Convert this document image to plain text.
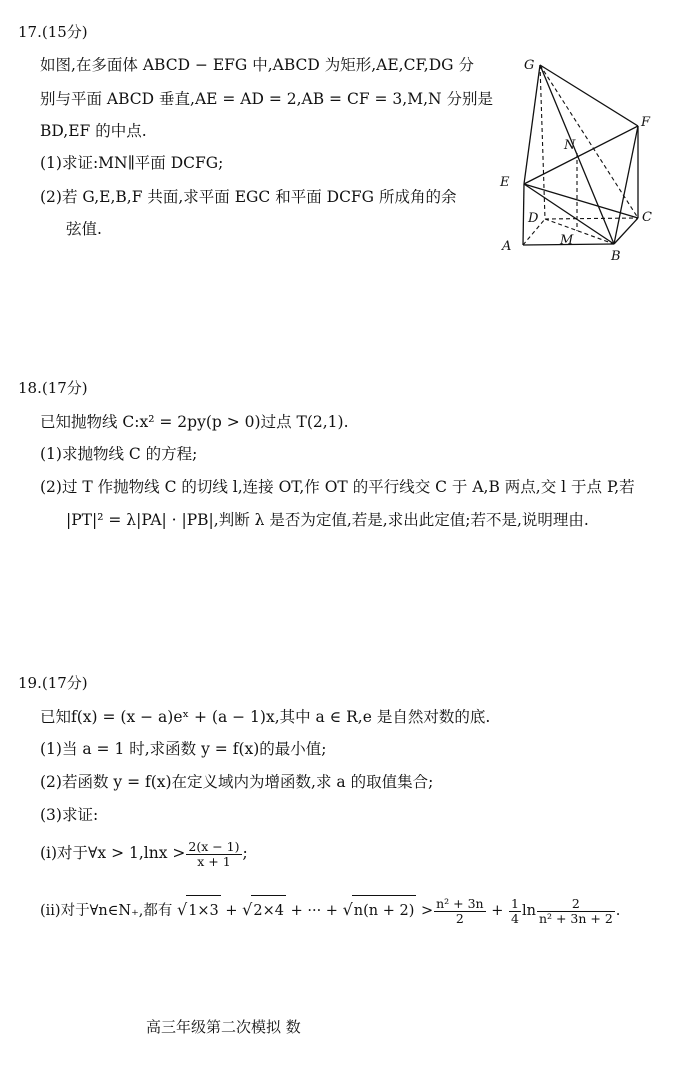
17.(15分)
如图,在多面体 ABCD − EFG 中,ABCD 为矩形,AE,CF,DG 分
别与平面 ABCD 垂直,AE = AD = 2,AB = CF = 3,M,N 分别是
BD,EF 的中点.
(1)求证:MN∥平面 DCFG;
(2)若 G,E,B,F 共面,求平面 EGC 和平面 DCFG 所成角的余
弦值.
G
F
N
E
D	C
A	M
B
18.(17分)
已知抛物线 C:x² = 2py(p > 0)过点 T(2,1).
(1)求抛物线 C 的方程;
(2)过 T 作抛物线 C 的切线 l,连接 OT,作 OT 的平行线交 C 于 A,B 两点,交 l 于点 P,若
|PT|² = λ|PA| · |PB|,判断 λ 是否为定值,若是,求出此定值;若不是,说明理由.
19.(17分)
已知f(x) = (x − a)eˣ + (a − 1)x,其中 a ∈ R,e 是自然对数的底.
(1)当 a = 1 时,求函数 y = f(x)的最小值;
(2)若函数 y = f(x)在定义域内为增函数,求 a 的取值集合;
(3)求证:
(i)对于∀x > $1,\ln x > \frac{2(x - 1)}{x + 1}$ ;
(ii)对于∀n∈N₊,都有 √1×3 + √2×4 + ··· + $√n(n + 2) > \frac{\text{n² + 3n}}{2} + \frac{1}{4}$ $\ln \frac{2}{\text{n² + 3n + 2}}$ .
高三年级第二次模拟 数
